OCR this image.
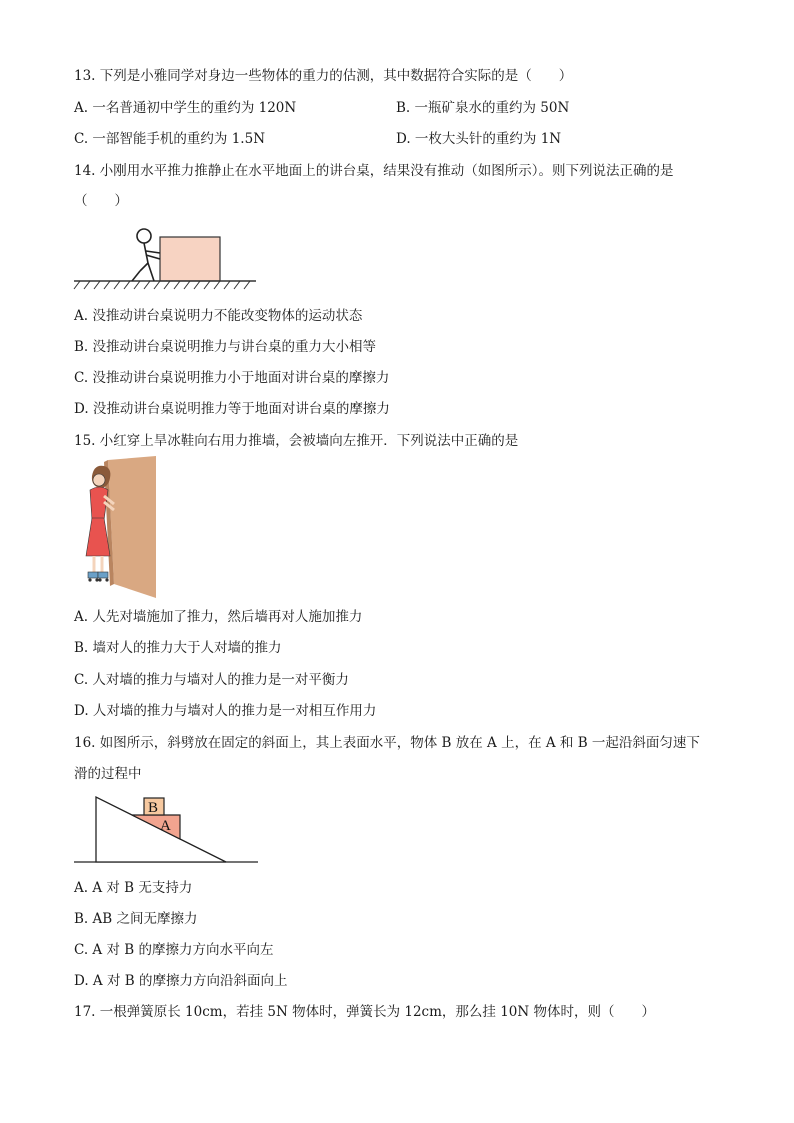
13. 下列是小雅同学对身边一些物体的重力的估测，其中数据符合实际的是（　　）
A. 一名普通初中学生的重约为 120N	B. 一瓶矿泉水的重约为 50N
C. 一部智能手机的重约为 1.5N	D. 一枚大头针的重约为 1N
14. 小刚用水平推力推静止在水平地面上的讲台桌，结果没有推动（如图所示）。则下列说法正确的是
（　　）
A. 没推动讲台桌说明力不能改变物体的运动状态
B. 没推动讲台桌说明推力与讲台桌的重力大小相等
C. 没推动讲台桌说明推力小于地面对讲台桌的摩擦力
D. 没推动讲台桌说明推力等于地面对讲台桌的摩擦力
15. 小红穿上旱冰鞋向右用力推墙，会被墙向左推开．下列说法中正确的是
A. 人先对墙施加了推力，然后墙再对人施加推力
B. 墙对人的推力大于人对墙的推力
C. 人对墙的推力与墙对人的推力是一对平衡力
D. 人对墙的推力与墙对人的推力是一对相互作用力
16. 如图所示，斜劈放在固定的斜面上，其上表面水平，物体 B 放在 A 上，在 A 和 B 一起沿斜面匀速下
滑的过程中
B
A
A. A 对 B 无支持力
B. AB 之间无摩擦力
C. A 对 B 的摩擦力方向水平向左
D. A 对 B 的摩擦力方向沿斜面向上
17. 一根弹簧原长 10cm，若挂 5N 物体时，弹簧长为 12cm，那么挂 10N 物体时，则（　　）
